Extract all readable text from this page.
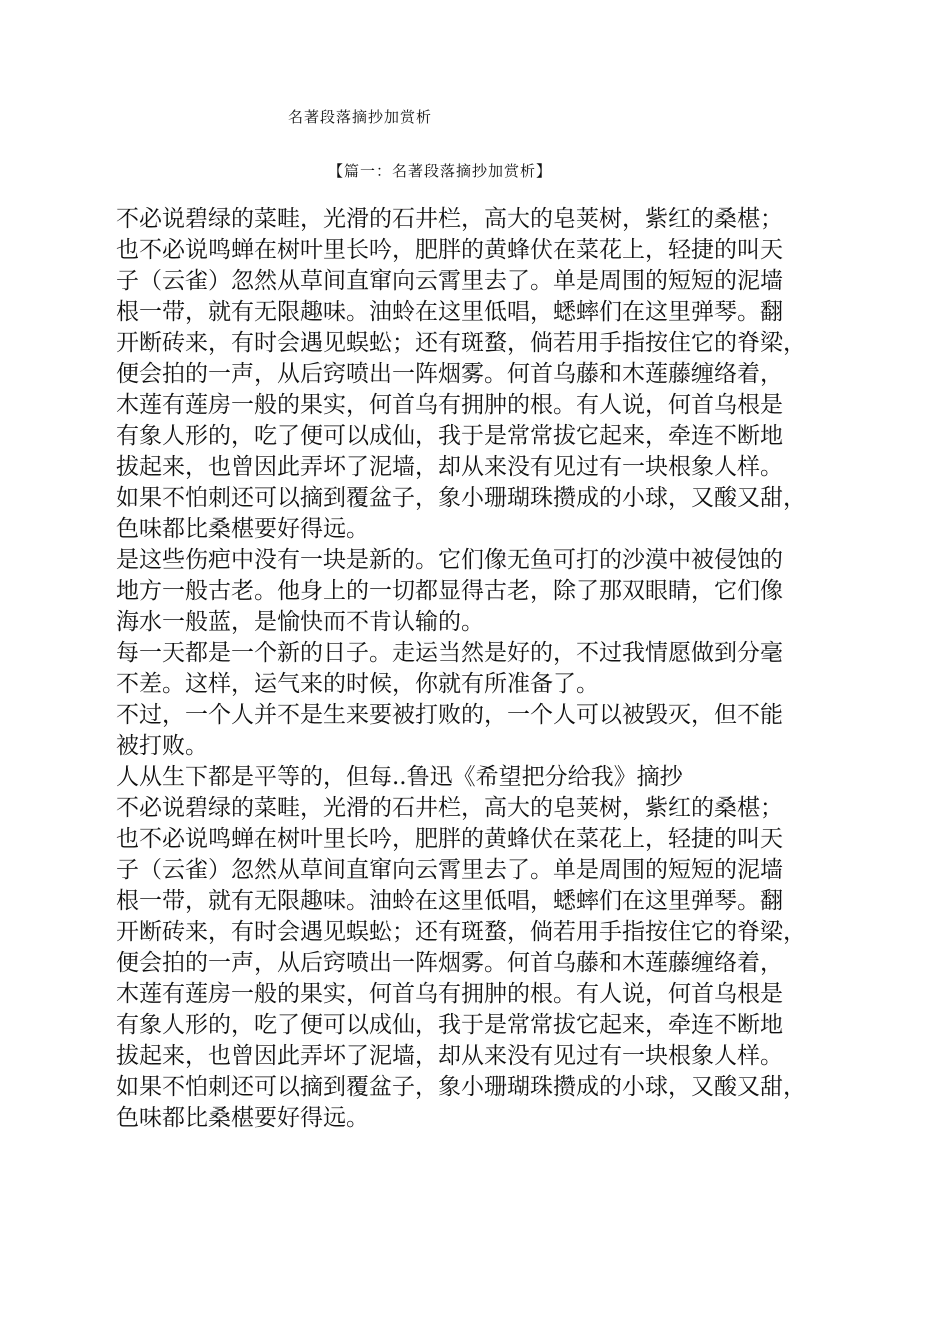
名著段落摘抄加赏析
【篇一：名著段落摘抄加赏析】
不必说碧绿的菜畦，光滑的石井栏，高大的皂荚树，紫红的桑椹；
也不必说鸣蝉在树叶里长吟，肥胖的黄蜂伏在菜花上，轻捷的叫天
子（云雀）忽然从草间直窜向云霄里去了。单是周围的短短的泥墙
根一带，就有无限趣味。油蛉在这里低唱，蟋蟀们在这里弹琴。翻
开断砖来，有时会遇见蜈蚣；还有斑蝥，倘若用手指按住它的脊梁，
便会拍的一声，从后窍喷出一阵烟雾。何首乌藤和木莲藤缠络着，
木莲有莲房一般的果实，何首乌有拥肿的根。有人说，何首乌根是
有象人形的，吃了便可以成仙，我于是常常拔它起来，牵连不断地
拔起来，也曾因此弄坏了泥墙，却从来没有见过有一块根象人样。
如果不怕刺还可以摘到覆盆子，象小珊瑚珠攒成的小球，又酸又甜，
色味都比桑椹要好得远。
是这些伤疤中没有一块是新的。它们像无鱼可打的沙漠中被侵蚀的
地方一般古老。他身上的一切都显得古老，除了那双眼睛，它们像
海水一般蓝，是愉快而不肯认输的。
每一天都是一个新的日子。走运当然是好的，不过我情愿做到分毫
不差。这样，运气来的时候，你就有所准备了。
不过，一个人并不是生来要被打败的，一个人可以被毁灭，但不能
被打败。
人从生下都是平等的，但每..鲁迅《希望把分给我》摘抄
不必说碧绿的菜畦，光滑的石井栏，高大的皂荚树，紫红的桑椹；
也不必说鸣蝉在树叶里长吟，肥胖的黄蜂伏在菜花上，轻捷的叫天
子（云雀）忽然从草间直窜向云霄里去了。单是周围的短短的泥墙
根一带，就有无限趣味。油蛉在这里低唱，蟋蟀们在这里弹琴。翻
开断砖来，有时会遇见蜈蚣；还有斑蝥，倘若用手指按住它的脊梁，
便会拍的一声，从后窍喷出一阵烟雾。何首乌藤和木莲藤缠络着，
木莲有莲房一般的果实，何首乌有拥肿的根。有人说，何首乌根是
有象人形的，吃了便可以成仙，我于是常常拔它起来，牵连不断地
拔起来，也曾因此弄坏了泥墙，却从来没有见过有一块根象人样。
如果不怕刺还可以摘到覆盆子，象小珊瑚珠攒成的小球，又酸又甜，
色味都比桑椹要好得远。
